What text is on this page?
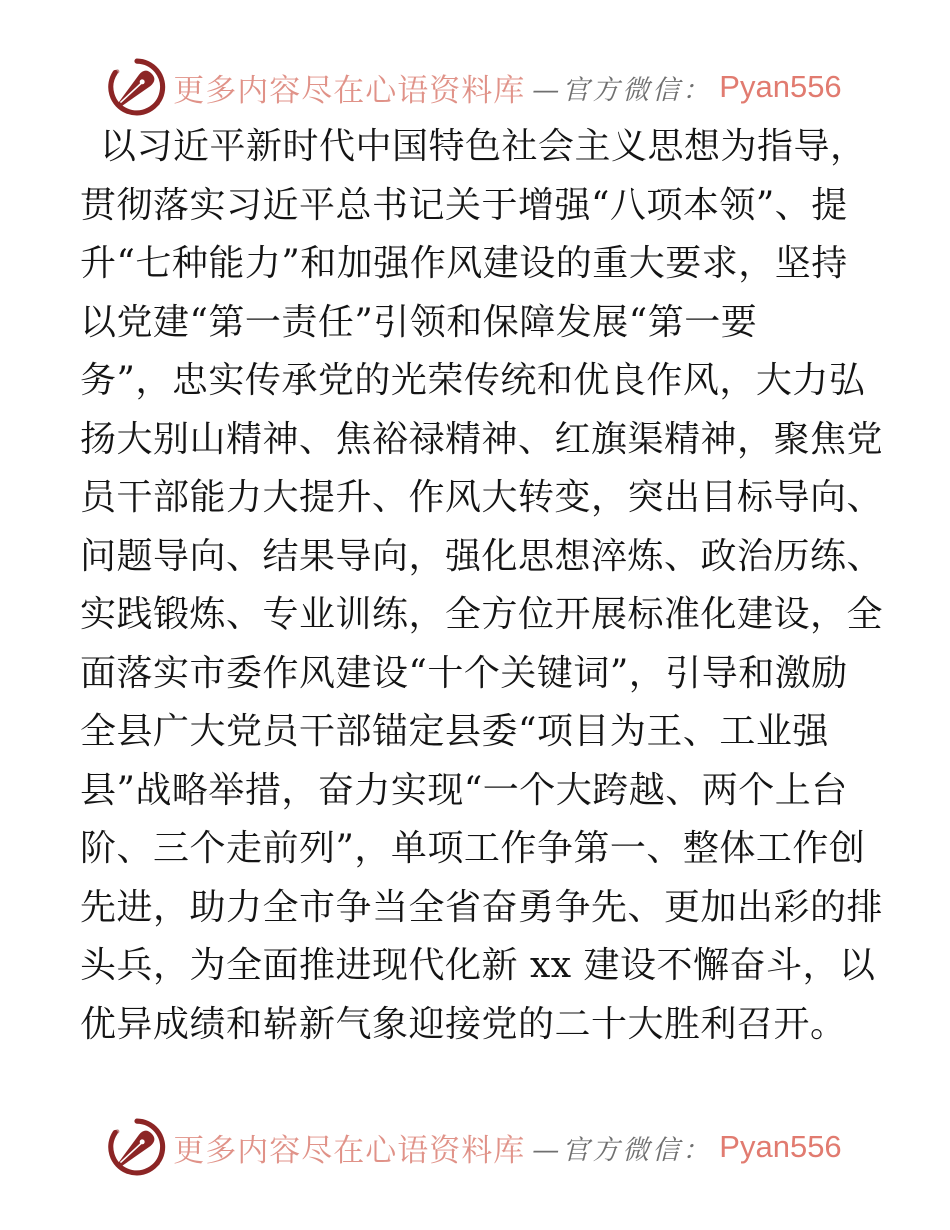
更多内容尽在心语资料库 —官方微信： Pyan556
以习近平新时代中国特色社会主义思想为指导，
贯彻落实习近平总书记关于增强“八项本领”、提
升“七种能力”和加强作风建设的重大要求，坚持
以党建“第一责任”引领和保障发展“第一要
务”，忠实传承党的光荣传统和优良作风，大力弘
扬大别山精神、焦裕禄精神、红旗渠精神，聚焦党
员干部能力大提升、作风大转变，突出目标导向、
问题导向、结果导向，强化思想淬炼、政治历练、
实践锻炼、专业训练，全方位开展标准化建设，全
面落实市委作风建设“十个关键词”，引导和激励
全县广大党员干部锚定县委“项目为王、工业强
县”战略举措，奋力实现“一个大跨越、两个上台
阶、三个走前列”，单项工作争第一、整体工作创
先进，助力全市争当全省奋勇争先、更加出彩的排
头兵，为全面推进现代化新 xx 建设不懈奋斗，以
优异成绩和崭新气象迎接党的二十大胜利召开。
更多内容尽在心语资料库 —官方微信： Pyan556
